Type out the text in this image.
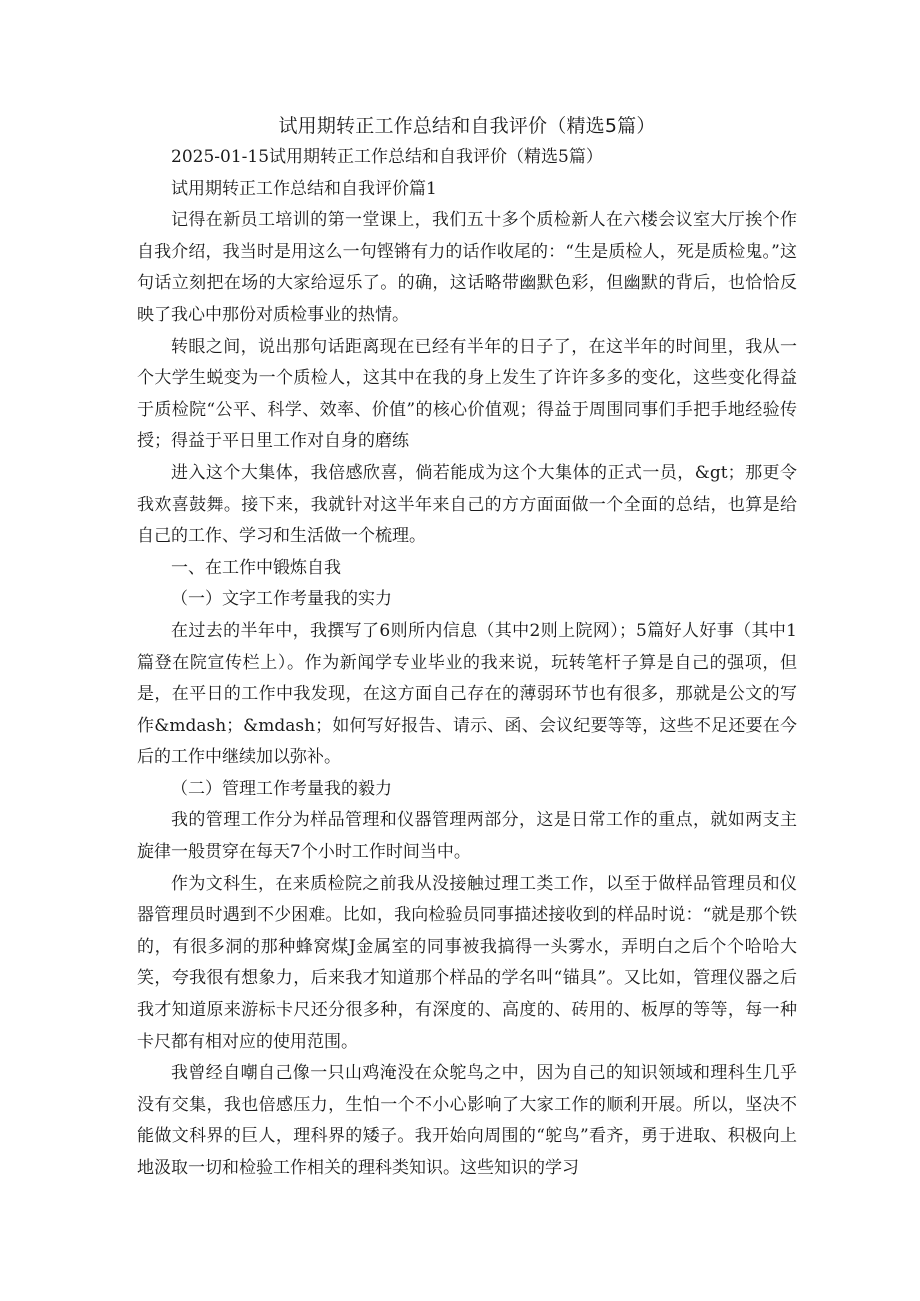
试用期转正工作总结和自我评价（精选5篇）

2025-01-15试用期转正工作总结和自我评价（精选5篇）

试用期转正工作总结和自我评价篇1

记得在新员工培训的第一堂课上，我们五十多个质检新人在六楼会议室大厅挨个作自我介绍，我当时是用这么一句铿锵有力的话作收尾的：“生是质检人，死是质检鬼。”这句话立刻把在场的大家给逗乐了。的确，这话略带幽默色彩，但幽默的背后，也恰恰反映了我心中那份对质检事业的热情。

转眼之间，说出那句话距离现在已经有半年的日子了，在这半年的时间里，我从一个大学生蜕变为一个质检人，这其中在我的身上发生了许许多多的变化，这些变化得益于质检院“公平、科学、效率、价值”的核心价值观；得益于周围同事们手把手地经验传授；得益于平日里工作对自身的磨练

进入这个大集体，我倍感欣喜，倘若能成为这个大集体的正式一员，&gt；那更令我欢喜鼓舞。接下来，我就针对这半年来自己的方方面面做一个全面的总结，也算是给自己的工作、学习和生活做一个梳理。

一、在工作中锻炼自我

（一）文字工作考量我的实力

在过去的半年中，我撰写了6则所内信息（其中2则上院网）；5篇好人好事（其中1篇登在院宣传栏上）。作为新闻学专业毕业的我来说，玩转笔杆子算是自己的强项，但是，在平日的工作中我发现，在这方面自己存在的薄弱环节也有很多，那就是公文的写作&mdash；&mdash；如何写好报告、请示、函、会议纪要等等，这些不足还要在今后的工作中继续加以弥补。

（二）管理工作考量我的毅力

我的管理工作分为样品管理和仪器管理两部分，这是日常工作的重点，就如两支主旋律一般贯穿在每天7个小时工作时间当中。

作为文科生，在来质检院之前我从没接触过理工类工作，以至于做样品管理员和仪器管理员时遇到不少困难。比如，我向检验员同事描述接收到的样品时说：“就是那个铁的，有很多洞的那种蜂窝煤J金属室的同事被我搞得一头雾水，弄明白之后个个哈哈大笑，夸我很有想象力，后来我才知道那个样品的学名叫“锚具”。又比如，管理仪器之后我才知道原来游标卡尺还分很多种，有深度的、高度的、砖用的、板厚的等等，每一种卡尺都有相对应的使用范围。

我曾经自嘲自己像一只山鸡淹没在众鸵鸟之中，因为自己的知识领域和理科生几乎没有交集，我也倍感压力，生怕一个不小心影响了大家工作的顺利开展。所以，坚决不能做文科界的巨人，理科界的矮子。我开始向周围的“鸵鸟”看齐，勇于进取、积极向上地汲取一切和检验工作相关的理科类知识。这些知识的学习
